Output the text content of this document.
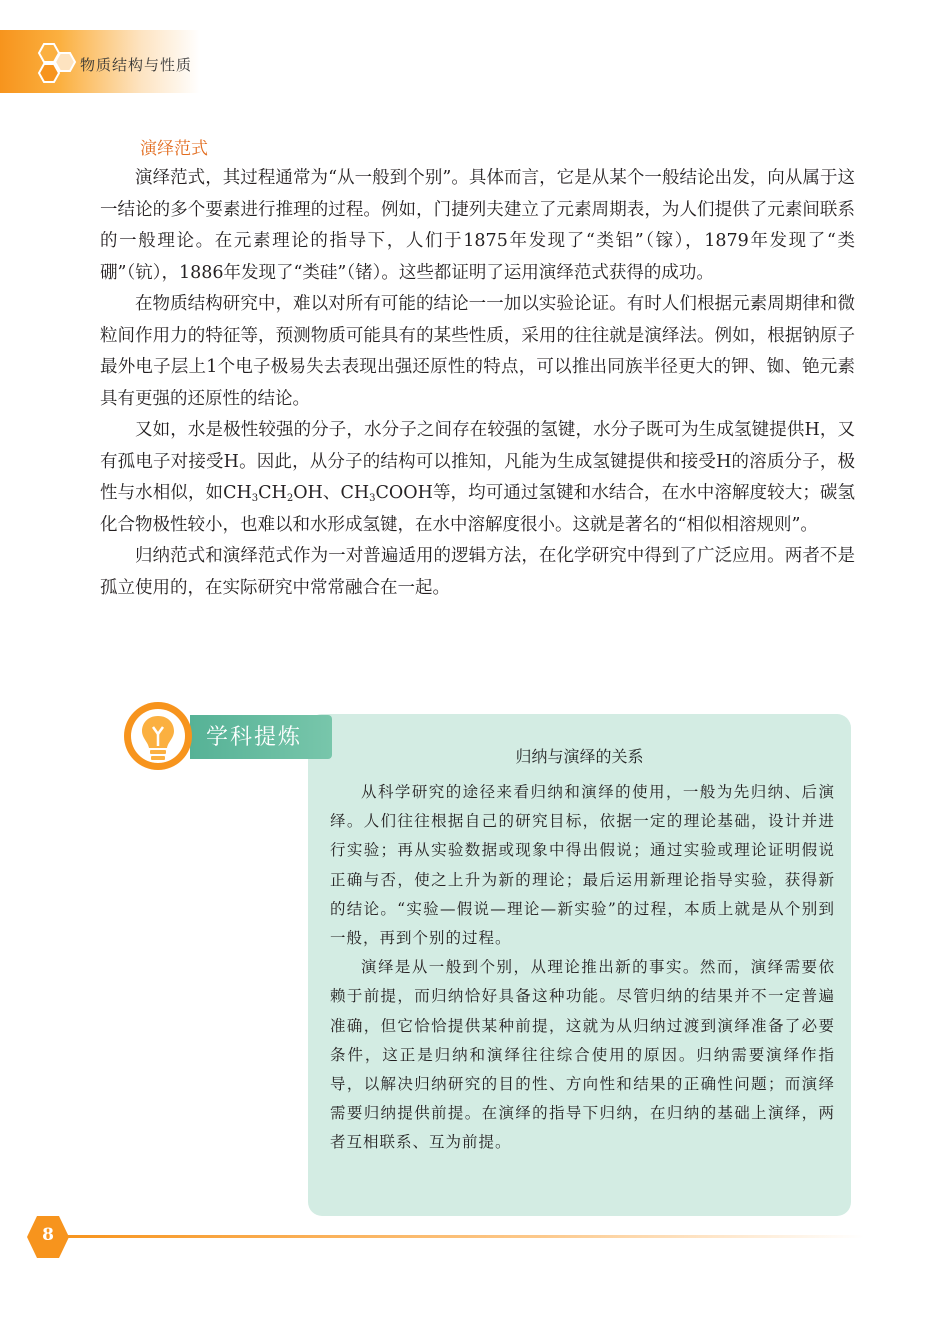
物质结构与性质
演绎范式

演绎范式，其过程通常为“从一般到个别”。具体而言，它是从某个一般结论出发，向从属于这一结论的多个要素进行推理的过程。例如，门捷列夫建立了元素周期表，为人们提供了元素间联系的一般理论。在元素理论的指导下，人们于1875年发现了“类铝”（镓），1879年发现了“类硼”（钪），1886年发现了“类硅”（锗）。这些都证明了运用演绎范式获得的成功。

在物质结构研究中，难以对所有可能的结论一一加以实验论证。有时人们根据元素周期律和微粒间作用力的特征等，预测物质可能具有的某些性质，采用的往往就是演绎法。例如，根据钠原子最外电子层上1个电子极易失去表现出强还原性的特点，可以推出同族半径更大的钾、铷、铯元素具有更强的还原性的结论。

又如，水是极性较强的分子，水分子之间存在较强的氢键，水分子既可为生成氢键提供H，又有孤电子对接受H。因此，从分子的结构可以推知，凡能为生成氢键提供和接受H的溶质分子，极性与水相似，如$CH_3CH_2OH$、$CH_3COOH$等，均可通过氢键和水结合，在水中溶解度较大；碳氢化合物极性较小，也难以和水形成氢键，在水中溶解度很小。这就是著名的“相似相溶规则”。

归纳范式和演绎范式作为一对普遍适用的逻辑方法，在化学研究中得到了广泛应用。两者不是孤立使用的，在实际研究中常常融合在一起。

归纳与演绎的关系

从科学研究的途径来看归纳和演绎的使用，一般为先归纳、后演绎。人们往往根据自己的研究目标，依据一定的理论基础，设计并进行实验；再从实验数据或现象中得出假说；通过实验或理论证明假说正确与否，使之上升为新的理论；最后运用新理论指导实验，获得新的结论。“实验—假说—理论—新实验”的过程，本质上就是从个别到一般，再到个别的过程。

演绎是从一般到个别，从理论推出新的事实。然而，演绎需要依赖于前提，而归纳恰好具备这种功能。尽管归纳的结果并不一定普遍准确，但它恰恰提供某种前提，这就为从归纳过渡到演绎准备了必要条件，这正是归纳和演绎往往综合使用的原因。归纳需要演绎作指导，以解决归纳研究的目的性、方向性和结果的正确性问题；而演绎需要归纳提供前提。在演绎的指导下归纳，在归纳的基础上演绎，两者互相联系、互为前提。

学科提炼
8
